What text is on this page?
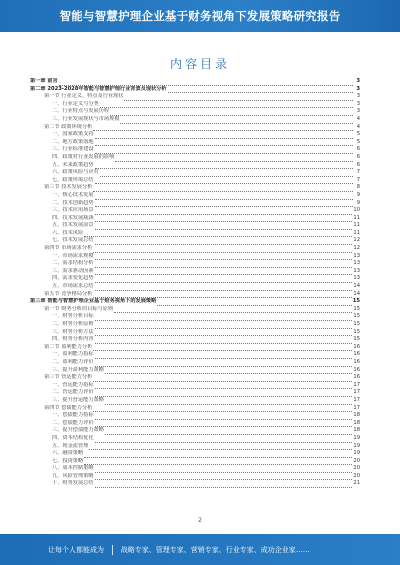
智能与智慧护理企业基于财务视角下发展策略研究报告
内容目录
第一章 前言	3
第二章 2023-2028年智能与智慧护理行业背景及现状分析	3
第一节 行业定义、特点及行业现状	3
一、行业定义与分类	3
二、行业特点与发展历程	3
三、行业发展现状与市场规模	4
第二节 政策环境分析	4
一、国家政策支持	5
二、地方政策落地	5
三、行业标准建设	6
四、政策对行业发展的影响	6
五、未来政策趋势	6
六、政策风险与应对	7
七、政策环境总结	7
第三节 技术发展分析	8
一、核心技术发展	9
二、技术创新趋势	9
三、技术应用场景	10
四、技术发展瓶颈	11
五、技术发展前景	11
六、技术风险	11
七、技术发展总结	12
第四节 市场需求分析	12
一、市场需求规模	13
二、需求结构分析	13
三、需求驱动因素	13
四、需求变化趋势	13
五、市场需求总结	14
第五节 竞争格局分析	14
第三章 智能与智慧护理企业基于财务视角下的发展策略	15
第一节 财务分析的目标与原则	15
一、财务分析目标	15
二、财务分析原则	15
三、财务分析方法	15
四、财务分析内容	15
第二节 盈利能力分析	16
一、盈利能力指标	16
二、盈利能力评价	16
三、提升盈利能力策略	16
第三节 营运能力分析	16
一、营运能力指标	17
二、营运能力评价	17
三、提升营运能力策略	17
第四节 偿债能力分析	17
一、偿债能力指标	18
二、偿债能力评价	18
三、提升偿债能力策略	18
四、资本结构优化	19
五、现金流管理	19
六、融资策略	19
七、投资策略	20
八、成本控制策略	20
九、风险管理策略	20
十、财务发展总结	21
2
让每个人都能成为 战略专家、管理专家、营销专家、行业专家、成功企业家……
